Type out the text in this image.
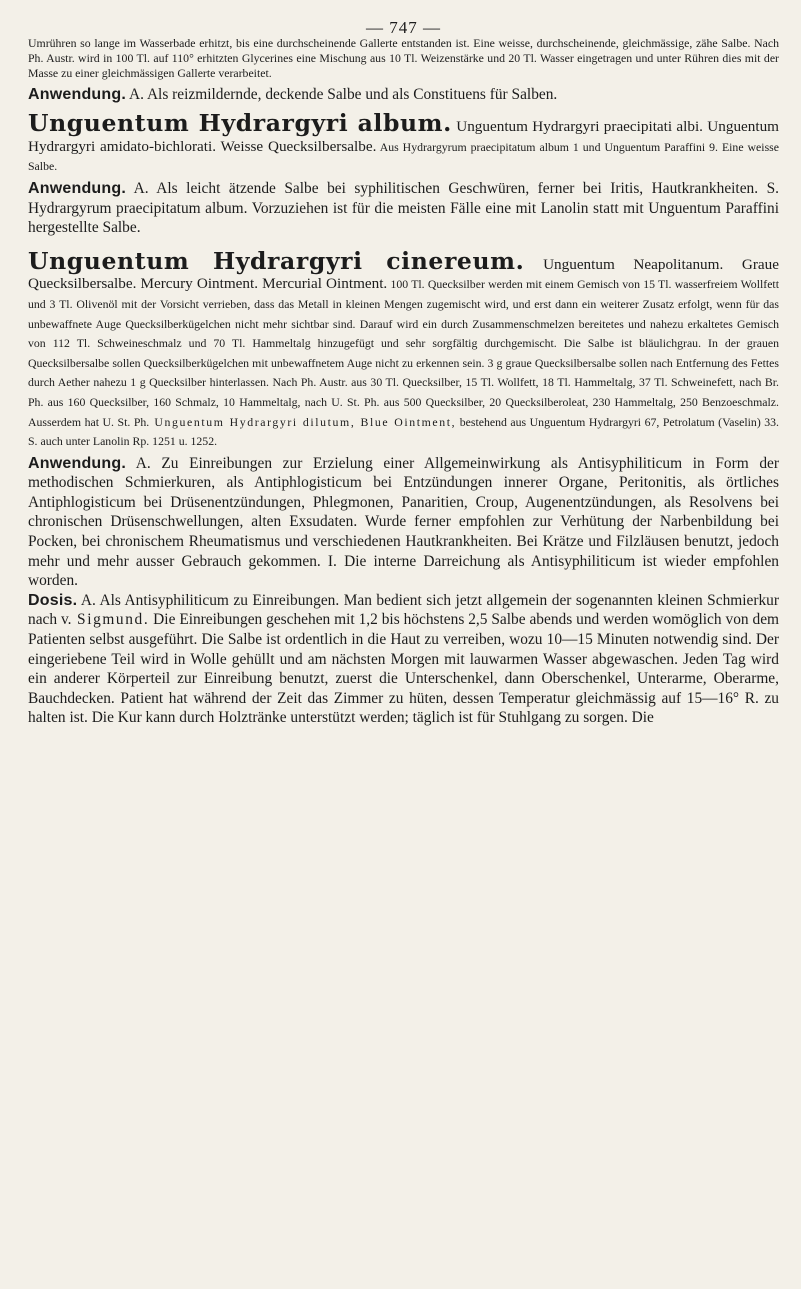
— 747 —

Umrühren so lange im Wasserbade erhitzt, bis eine durchscheinende Gallerte entstanden ist. Eine weisse, durchscheinende, gleichmässige, zähe Salbe. Nach Ph. Austr. wird in 100 Tl. auf 110° erhitzten Glycerines eine Mischung aus 10 Tl. Weizenstärke und 20 Tl. Wasser eingetragen und unter Rühren dies mit der Masse zu einer gleichmässigen Gallerte verarbeitet.

Anwendung. A. Als reizmildernde, deckende Salbe und als Constituens für Salben.

Unguentum Hydrargyri album. Unguentum Hydrargyri praecipitati albi. Unguentum Hydrargyri amidato-bichlorati. Weisse Quecksilbersalbe. Aus Hydrargyrum praecipitatum album 1 und Unguentum Paraffini 9. Eine weisse Salbe.

Anwendung. A. Als leicht ätzende Salbe bei syphilitischen Geschwüren, ferner bei Iritis, Hautkrankheiten. S. Hydrargyrum praecipitatum album. Vorzuziehen ist für die meisten Fälle eine mit Lanolin statt mit Unguentum Paraffini hergestellte Salbe.

Unguentum Hydrargyri cinereum. Unguentum Neapolitanum. Graue Quecksilbersalbe. Mercury Ointment. Mercurial Ointment. 100 Tl. Quecksilber werden mit einem Gemisch von 15 Tl. wasserfreiem Wollfett und 3 Tl. Olivenöl mit der Vorsicht verrieben, dass das Metall in kleinen Mengen zugemischt wird, und erst dann ein weiterer Zusatz erfolgt, wenn für das unbewaffnete Auge Quecksilberkügelchen nicht mehr sichtbar sind. Darauf wird ein durch Zusammenschmelzen bereitetes und nahezu erkaltetes Gemisch von 112 Tl. Schweineschmalz und 70 Tl. Hammeltalg hinzugefügt und sehr sorgfältig durchgemischt. Die Salbe ist bläulichgrau. In der grauen Quecksilbersalbe sollen Quecksilberkügelchen mit unbewaffnetem Auge nicht zu erkennen sein. 3 g graue Quecksilbersalbe sollen nach Entfernung des Fettes durch Aether nahezu 1 g Quecksilber hinterlassen. Nach Ph. Austr. aus 30 Tl. Quecksilber, 15 Tl. Wollfett, 18 Tl. Hammeltalg, 37 Tl. Schweinefett, nach Br. Ph. aus 160 Quecksilber, 160 Schmalz, 10 Hammeltalg, nach U. St. Ph. aus 500 Quecksilber, 20 Quecksilberoleat, 230 Hammeltalg, 250 Benzoeschmalz. Ausserdem hat U. St. Ph. Unguentum Hydrargyri dilutum, Blue Ointment, bestehend aus Unguentum Hydrargyri 67, Petrolatum (Vaselin) 33. S. auch unter Lanolin Rp. 1251 u. 1252.

Anwendung. A. Zu Einreibungen zur Erzielung einer Allgemeinwirkung als Antisyphiliticum in Form der methodischen Schmierkuren, als Antiphlogisticum bei Entzündungen innerer Organe, Peritonitis, als örtliches Antiphlogisticum bei Drüsenentzündungen, Phlegmonen, Panaritien, Croup, Augenentzündungen, als Resolvens bei chronischen Drüsenschwellungen, alten Exsudaten. Wurde ferner empfohlen zur Verhütung der Narbenbildung bei Pocken, bei chronischem Rheumatismus und verschiedenen Hautkrankheiten. Bei Krätze und Filzläusen benutzt, jedoch mehr und mehr ausser Gebrauch gekommen. I. Die interne Darreichung als Antisyphiliticum ist wieder empfohlen worden.

Dosis. A. Als Antisyphiliticum zu Einreibungen. Man bedient sich jetzt allgemein der sogenannten kleinen Schmierkur nach v. Sigmund. Die Einreibungen geschehen mit 1,2 bis höchstens 2,5 Salbe abends und werden womöglich von dem Patienten selbst ausgeführt. Die Salbe ist ordentlich in die Haut zu verreiben, wozu 10—15 Minuten notwendig sind. Der eingeriebene Teil wird in Wolle gehüllt und am nächsten Morgen mit lauwarmen Wasser abgewaschen. Jeden Tag wird ein anderer Körperteil zur Einreibung benutzt, zuerst die Unterschenkel, dann Oberschenkel, Unterarme, Oberarme, Bauchdecken. Patient hat während der Zeit das Zimmer zu hüten, dessen Temperatur gleichmässig auf 15—16° R. zu halten ist. Die Kur kann durch Holztränke unterstützt werden; täglich ist für Stuhlgang zu sorgen. Die
